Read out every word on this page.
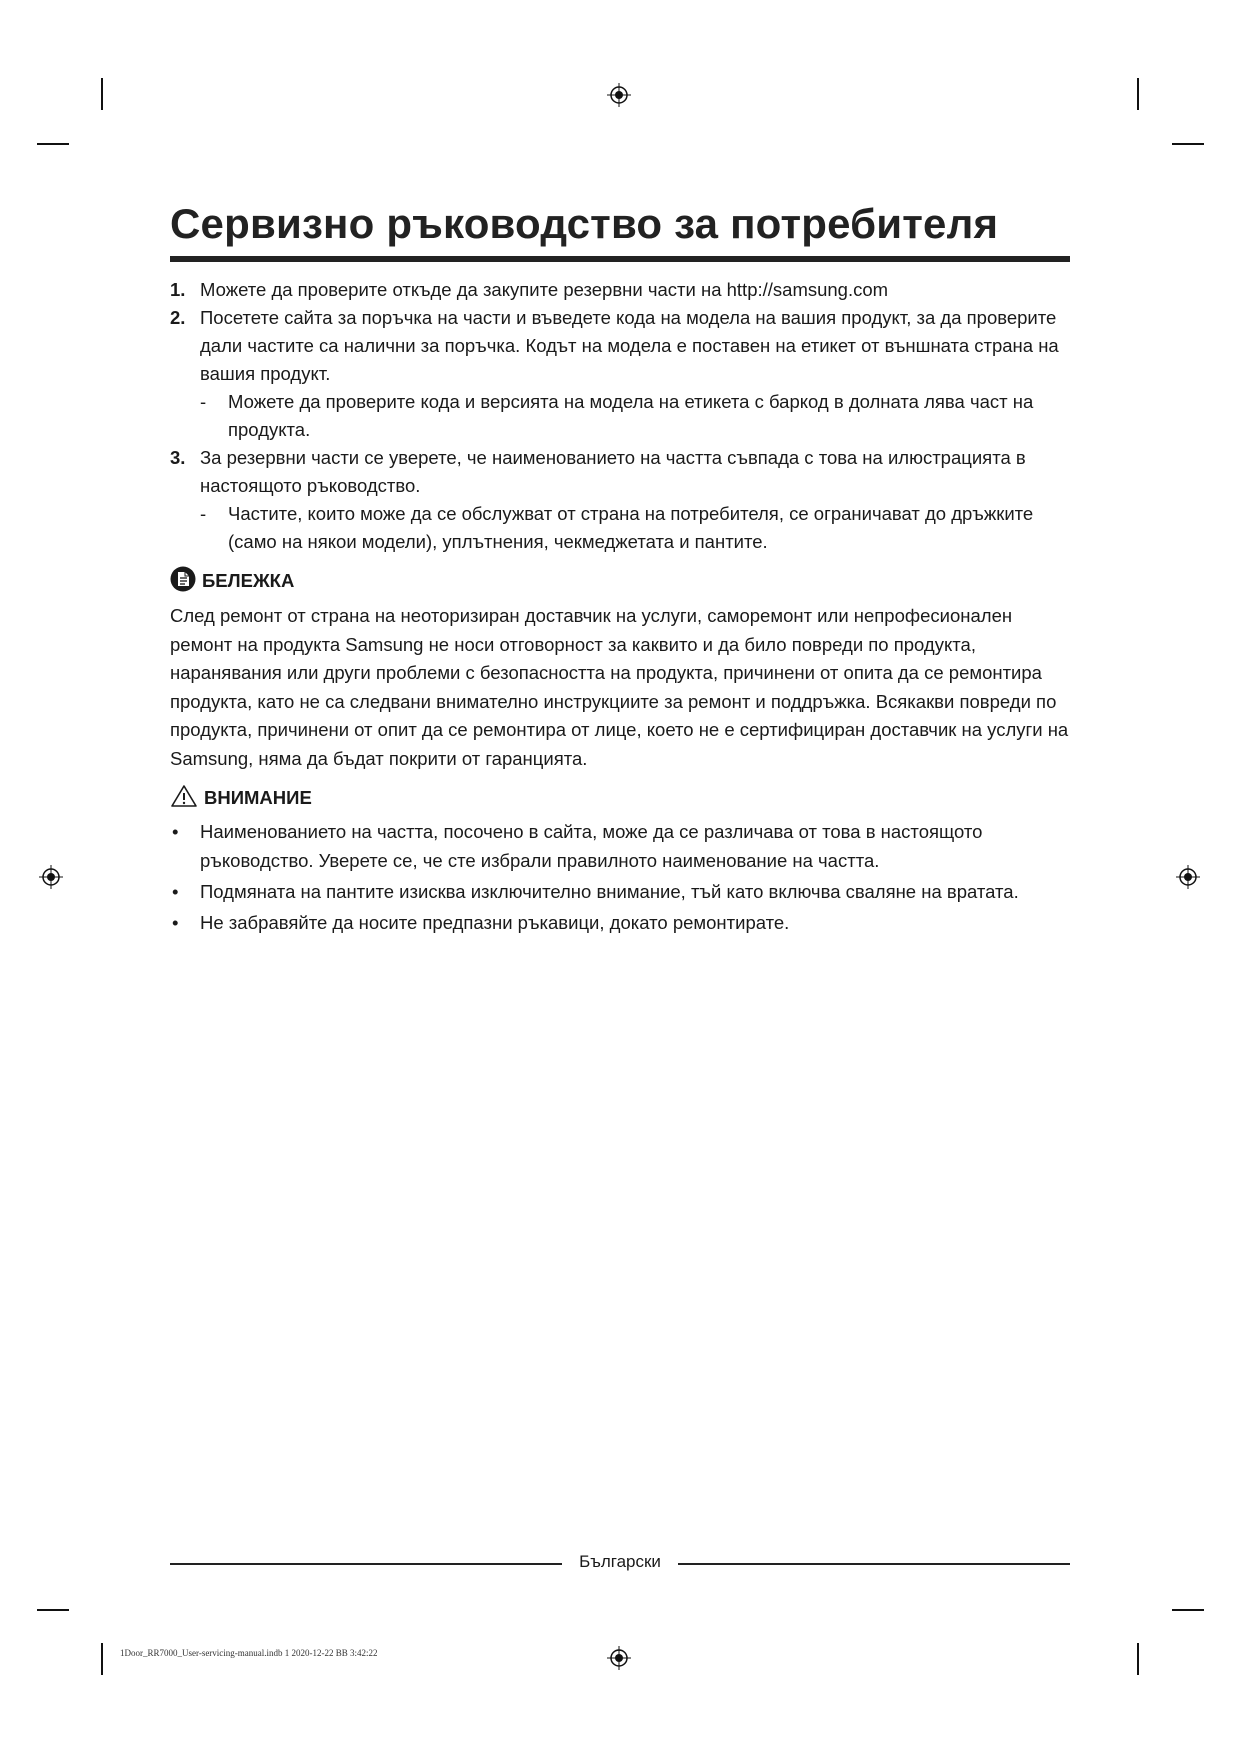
Сервизно ръководство за потребителя
1. Можете да проверите откъде да закупите резервни части на http://samsung.com
2. Посетете сайта за поръчка на части и въведете кода на модела на вашия продукт, за да проверите дали частите са налични за поръчка. Кодът на модела е поставен на етикет от външната страна на вашия продукт.
-	Можете да проверите кода и версията на модела на етикета с баркод в долната лява част на продукта.
3. За резервни части се уверете, че наименованието на частта съвпада с това на илюстрацията в настоящото ръководство.
-	Частите, които може да се обслужват от страна на потребителя, се ограничават до дръжките (само на някои модели), уплътнения, чекмеджетата и пантите.
БЕЛЕЖКА

След ремонт от страна на неоторизиран доставчик на услуги, саморемонт или непрофесионален ремонт на продукта Samsung не носи отговорност за каквито и да било повреди по продукта, наранявания или други проблеми с безопасността на продукта, причинени от опита да се ремонтира продукта, като не са следвани внимателно инструкциите за ремонт и поддръжка. Всякакви повреди по продукта, причинени от опит да се ремонтира от лице, което не е сертифициран доставчик на услуги на Samsung, няма да бъдат покрити от гаранцията.

ВНИМАНИЕ
•	Наименованието на частта, посочено в сайта, може да се различава от това в настоящото ръководство. Уверете се, че сте избрали правилното наименование на частта.
•	Подмяната на пантите изисква изключително внимание, тъй като включва сваляне на вратата.
•	Не забравяйте да носите предпазни ръкавици, докато ремонтирате.
Български
1Door_RR7000_User-servicing-manual.indb 1 2020-12-22 ВВ 3:42:22
